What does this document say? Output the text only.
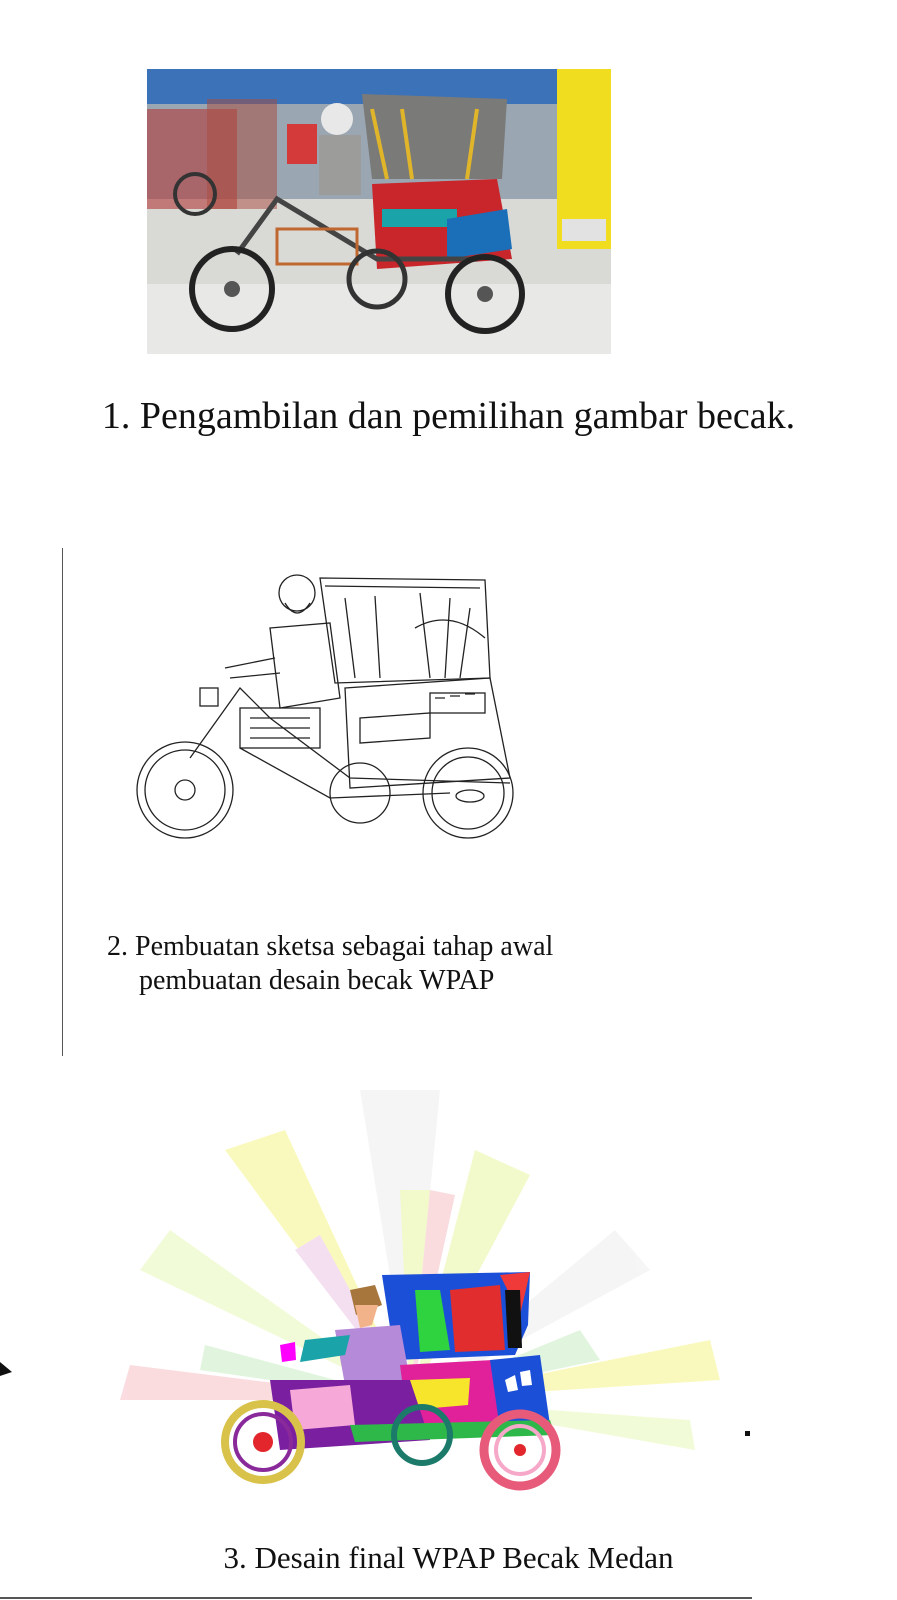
1. Pengambilan dan pemilihan gambar becak.
2. Pembuatan sketsa sebagai tahap awal
pembuatan desain becak WPAP
3. Desain final WPAP Becak Medan
